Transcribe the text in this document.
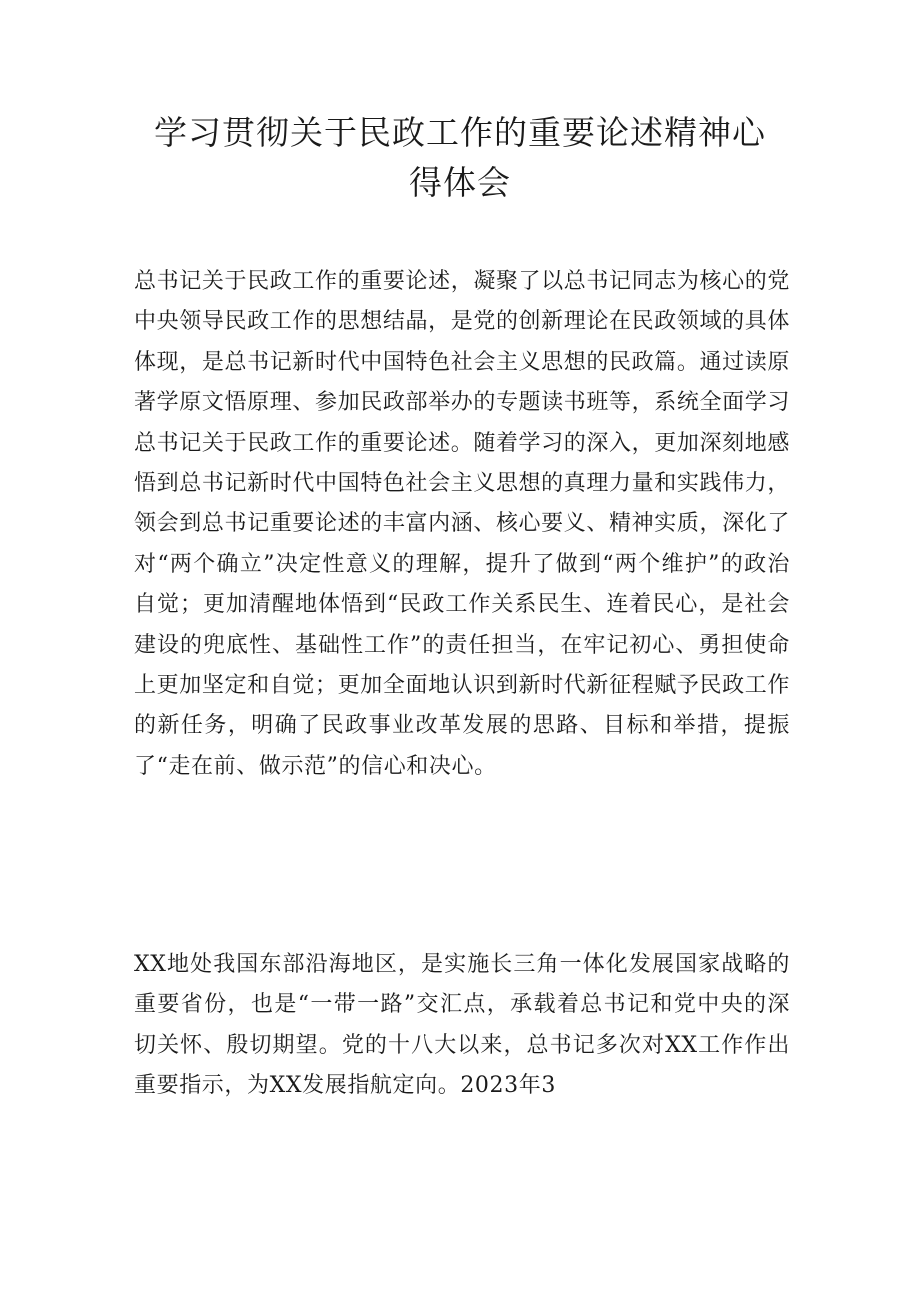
学习贯彻关于民政工作的重要论述精神心
得体会

总书记关于民政工作的重要论述，凝聚了以总书记同志为核心的党中央领导民政工作的思想结晶，是党的创新理论在民政领域的具体体现，是总书记新时代中国特色社会主义思想的民政篇。通过读原著学原文悟原理、参加民政部举办的专题读书班等，系统全面学习总书记关于民政工作的重要论述。随着学习的深入，更加深刻地感悟到总书记新时代中国特色社会主义思想的真理力量和实践伟力，领会到总书记重要论述的丰富内涵、核心要义、精神实质，深化了对“两个确立”决定性意义的理解，提升了做到“两个维护”的政治自觉；更加清醒地体悟到“民政工作关系民生、连着民心，是社会建设的兜底性、基础性工作”的责任担当，在牢记初心、勇担使命上更加坚定和自觉；更加全面地认识到新时代新征程赋予民政工作的新任务，明确了民政事业改革发展的思路、目标和举措，提振了“走在前、做示范”的信心和决心。

XX地处我国东部沿海地区，是实施长三角一体化发展国家战略的重要省份，也是“一带一路”交汇点，承载着总书记和党中央的深切关怀、殷切期望。党的十八大以来，总书记多次对XX工作作出重要指示，为XX发展指航定向。2023年3
